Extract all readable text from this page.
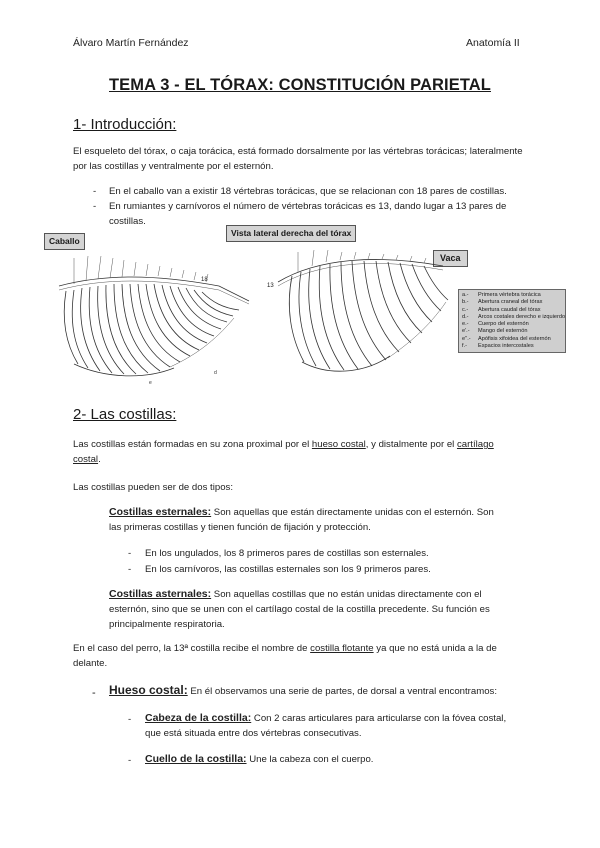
Álvaro Martín Fernández	Anatomía II
TEMA 3 - EL TÓRAX: CONSTITUCIÓN PARIETAL
1- Introducción:
El esqueleto del tórax, o caja torácica, está formado dorsalmente por las vértebras torácicas; lateralmente por las costillas y ventralmente por el esternón.
- En el caballo van a existir 18 vértebras torácicas, que se relacionan con 18 pares de costillas.
- En rumiantes y carnívoros el número de vértebras torácicas es 13, dando lugar a 13 pares de costillas.
Caballo
Vista lateral derecha del tórax
Vaca
e
d
18
13
a.- Primera vértebra torácica
b.- Abertura craneal del tórax
c.- Abertura caudal del tórax
d.- Arcos costales derecho e izquierdo
e.- Cuerpo del esternón
e'.- Mango del esternón
e''.- Apófisis xifoidea del esternón
f.- Espacios intercostales
2- Las costillas:
Las costillas están formadas en su zona proximal por el hueso costal, y distalmente por el cartílago
costal.
Las costillas pueden ser de dos tipos:
Costillas esternales: Son aquellas que están directamente unidas con el esternón. Son
las primeras costillas y tienen función de fijación y protección.
- En los ungulados, los 8 primeros pares de costillas son esternales.
- En los carnívoros, las costillas esternales son los 9 primeros pares.
Costillas asternales: Son aquellas costillas que no están unidas directamente con el
esternón, sino que se unen con el cartílago costal de la costilla precedente. Su función es
principalmente respiratoria.
En el caso del perro, la 13ª costilla recibe el nombre de costilla flotante ya que no está unida a la de
delante.
- Hueso costal: En él observamos una serie de partes, de dorsal a ventral encontramos:
- Cabeza de la costilla: Con 2 caras articulares para articularse con la fóvea costal,
que está situada entre dos vértebras consecutivas.
- Cuello de la costilla: Une la cabeza con el cuerpo.
